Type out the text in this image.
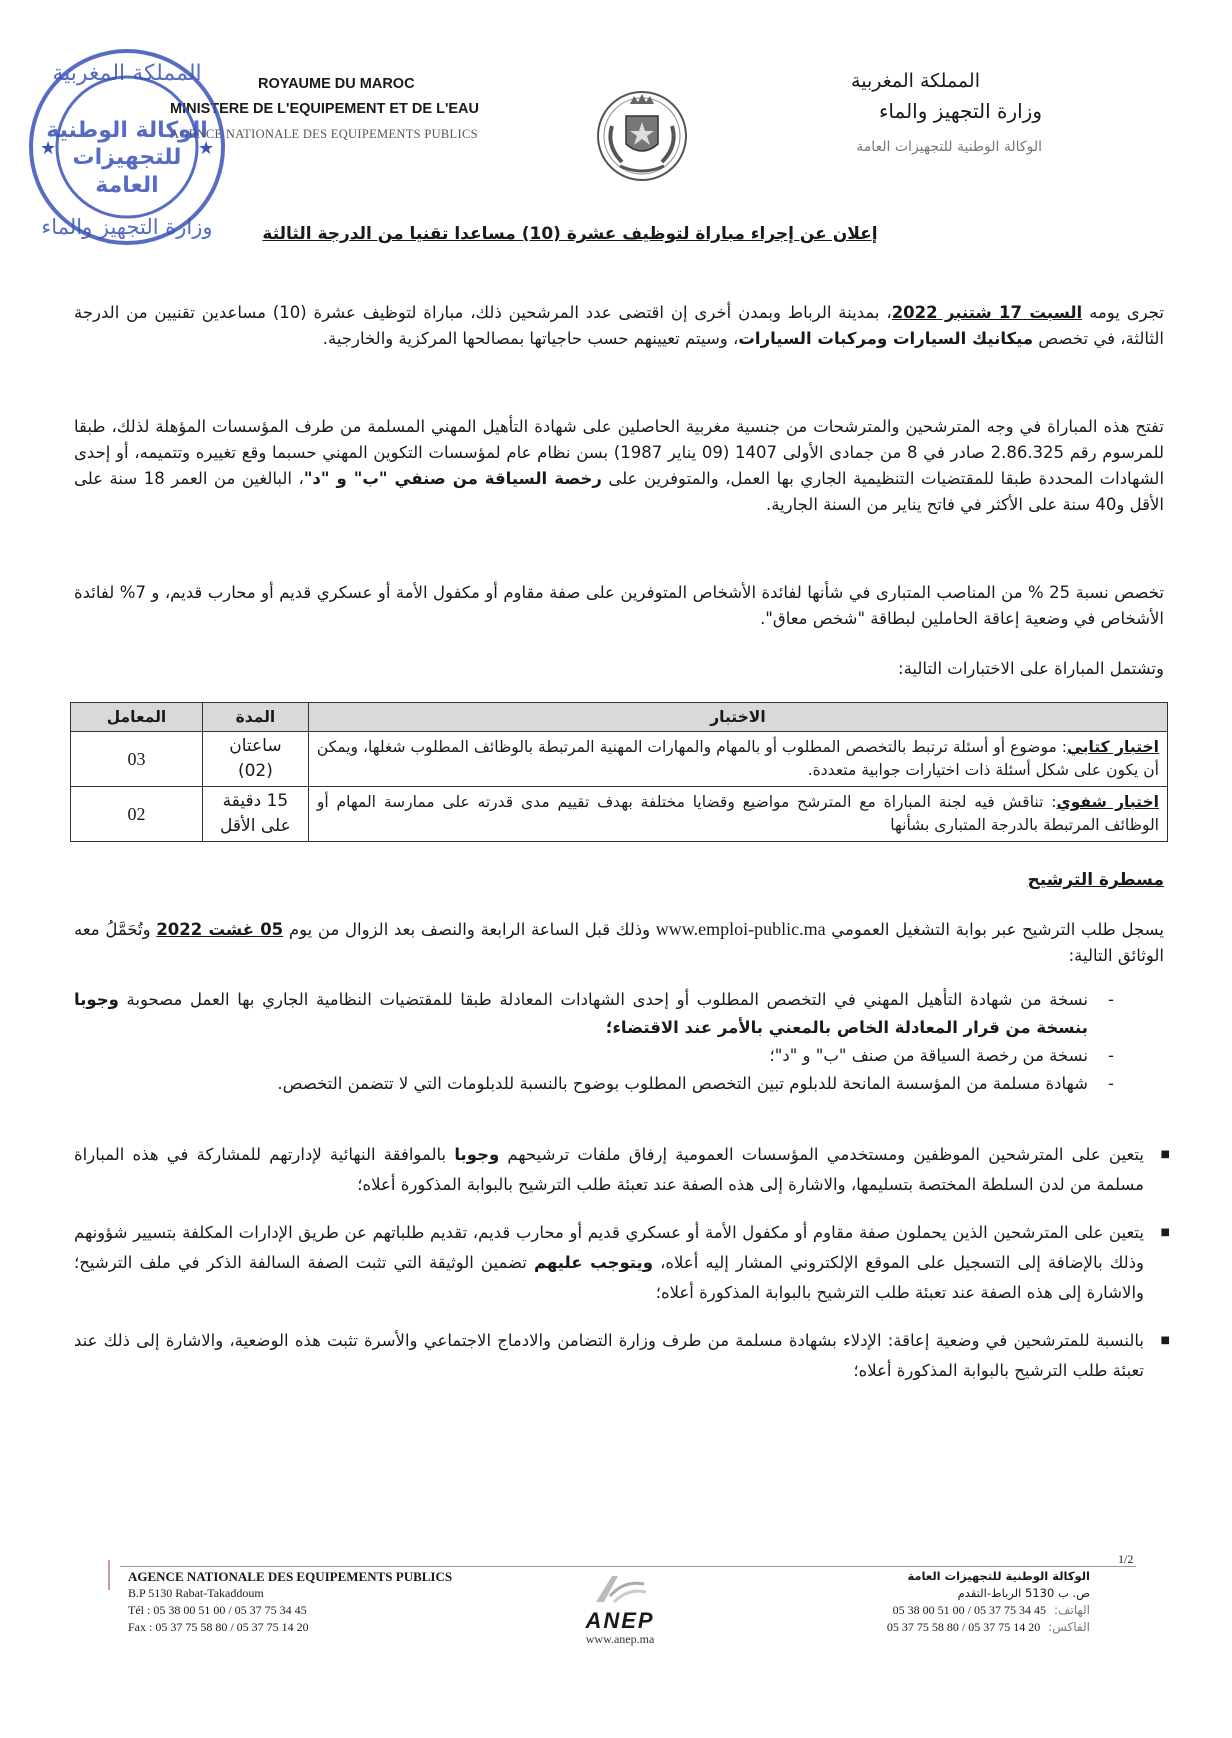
ROYAUME DU MAROC
MINISTERE DE L'EQUIPEMENT ET DE L'EAU
AGENCE NATIONALE DES EQUIPEMENTS PUBLICS
المملكة المغربية
وزارة التجهيز والماء
الوكالة الوطنية للتجهيزات العامة
المملكة المغربية
الوكالة الوطنية
للتجهيزات
العامة
وزارة التجهيز والماء
★	★
إعلان عن إجراء مباراة لتوظيف عشرة (10) مساعدا تقنيا من الدرجة الثالثة
تجرى يومه السبت 17 شتنبر 2022، بمدينة الرباط وبمدن أخرى إن اقتضى عدد المرشحين ذلك، مباراة لتوظيف عشرة (10) مساعدين تقنيين من الدرجة الثالثة، في تخصص ميكانيك السيارات ومركبات السيارات، وسيتم تعيينهم حسب حاجياتها بمصالحها المركزية والخارجية.
تفتح هذه المباراة في وجه المترشحين والمترشحات من جنسية مغربية الحاصلين على شهادة التأهيل المهني المسلمة من طرف المؤسسات المؤهلة لذلك، طبقا للمرسوم رقم 2.86.325 صادر في 8 من جمادى الأولى 1407 (09 يناير 1987) بسن نظام عام لمؤسسات التكوين المهني حسبما وقع تغييره وتتميمه، أو إحدى الشهادات المحددة طبقا للمقتضيات التنظيمية الجاري بها العمل، والمتوفرين على رخصة السياقة من صنفي "ب" و "د"، البالغين من العمر 18 سنة على الأقل و40 سنة على الأكثر في فاتح يناير من السنة الجارية.
تخصص نسبة 25 % من المناصب المتبارى في شأنها لفائدة الأشخاص المتوفرين على صفة مقاوم أو مكفول الأمة أو عسكري قديم أو محارب قديم، و 7% لفائدة الأشخاص في وضعية إعاقة الحاملين لبطاقة "شخص معاق".
وتشتمل المباراة على الاختبارات التالية:
الاختبار	المدة	المعامل
اختبار كتابي: موضوع أو أسئلة ترتبط بالتخصص المطلوب أو بالمهام والمهارات المهنية المرتبطة بالوظائف المطلوب شغلها، ويمكن أن يكون على شكل أسئلة ذات اختيارات جوابية متعددة.	ساعتان (02)	03
اختبار شفوي: تناقش فيه لجنة المباراة مع المترشح مواضيع وقضايا مختلفة بهدف تقييم مدى قدرته على ممارسة المهام أو الوظائف المرتبطة بالدرجة المتبارى بشأنها	15 دقيقة على الأقل	02
مسطرة الترشيح
يسجل طلب الترشيح عبر بوابة التشغيل العمومي www.emploi-public.ma وذلك قبل الساعة الرابعة والنصف بعد الزوال من يوم 05 غشت 2022 وتُحَمَّلُ معه الوثائق التالية:
-
نسخة من شهادة التأهيل المهني في التخصص المطلوب أو إحدى الشهادات المعادلة طبقا للمقتضيات النظامية الجاري بها العمل مصحوبة وجوبا بنسخة من قرار المعادلة الخاص بالمعني بالأمر عند الاقتضاء؛
-
نسخة من رخصة السياقة من صنف "ب" و "د"؛
-
شهادة مسلمة من المؤسسة المانحة للدبلوم تبين التخصص المطلوب بوضوح بالنسبة للدبلومات التي لا تتضمن التخصص.
■
يتعين على المترشحين الموظفين ومستخدمي المؤسسات العمومية إرفاق ملفات ترشيحهم وجوبا بالموافقة النهائية لإدارتهم للمشاركة في هذه المباراة مسلمة من لدن السلطة المختصة بتسليمها، والاشارة إلى هذه الصفة عند تعبئة طلب الترشيح بالبوابة المذكورة أعلاه؛
■
يتعين على المترشحين الذين يحملون صفة مقاوم أو مكفول الأمة أو عسكري قديم أو محارب قديم، تقديم طلباتهم عن طريق الإدارات المكلفة بتسيير شؤونهم وذلك بالإضافة إلى التسجيل على الموقع الإلكتروني المشار إليه أعلاه، ويتوجب عليهم تضمين الوثيقة التي تثبت الصفة السالفة الذكر في ملف الترشيح؛ والاشارة إلى هذه الصفة عند تعبئة طلب الترشيح بالبوابة المذكورة أعلاه؛
■
بالنسبة للمترشحين في وضعية إعاقة: الإدلاء بشهادة مسلمة من طرف وزارة التضامن والادماج الاجتماعي والأسرة تثبت هذه الوضعية، والاشارة إلى ذلك عند تعبئة طلب الترشيح بالبوابة المذكورة أعلاه؛
1/2
AGENCE NATIONALE DES EQUIPEMENTS PUBLICS
B.P 5130 Rabat-Takaddoum
Tél : 05 38 00 51 00 / 05 37 75 34 45
Fax : 05 37 75 58 80 / 05 37 75 14 20	ANEP
www.anep.ma
الوكالة الوطنية للتجهيزات العامة
ص. ب 5130 الرباط-التقدم
الهاتف:05 38 00 51 00 / 05 37 75 34 45
الفاكس:05 37 75 58 80 / 05 37 75 14 20
